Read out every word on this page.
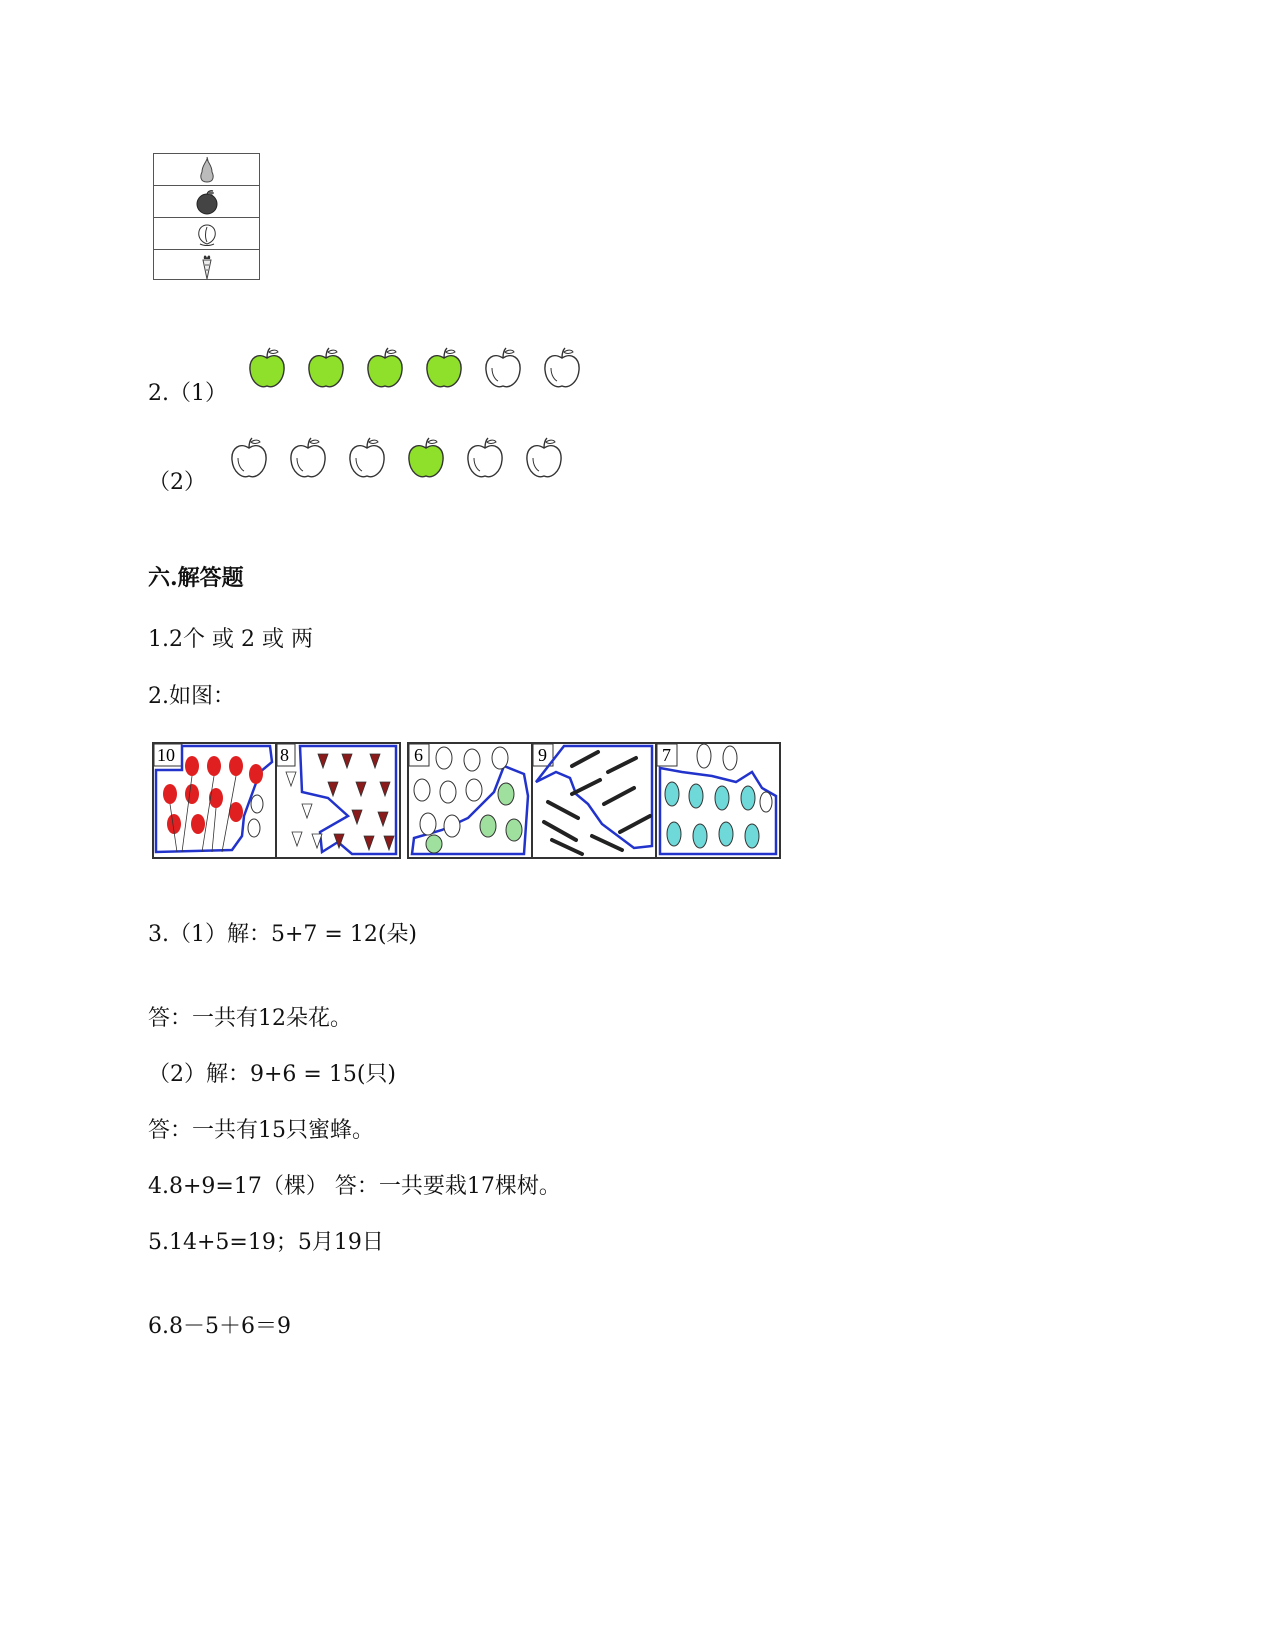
2.（1）
（2）
六.解答题
1.2个 或 2 或 两
2.如图：
10	8	6	9	7
3.（1）解：5+7 = 12(朵)
答：一共有12朵花。
（2）解：9+6 = 15(只)
答：一共有15只蜜蜂。
4.8+9=17（棵） 答：一共要栽17棵树。
5.14+5=19；5月19日
6.8－5＋6＝9
